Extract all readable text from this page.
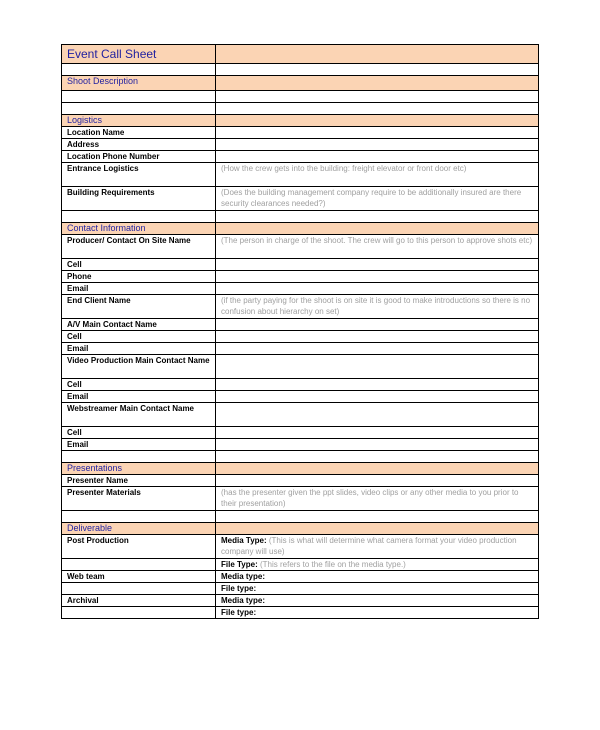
Event Call Sheet	

Shoot Description	

Logistics	
Location Name	
Address	
Location Phone Number	
Entrance Logistics	(How the crew gets into the building: freight elevator or front door etc)
Building Requirements	(Does the building management company require to be additionally insured are there security clearances needed?)

Contact Information	
Producer/ Contact On Site Name	(The person in charge of the shoot. The crew will go to this person to approve shots etc)
Cell	
Phone	
Email	
End Client Name	(if the party paying for the shoot is on site it is good to make introductions so there is no confusion about hierarchy on set)
A/V Main Contact Name	
Cell	
Email	
Video Production Main Contact Name	
Cell	
Email	
Webstreamer Main Contact Name	
Cell	
Email	

Presentations	
Presenter Name	
Presenter Materials	(has the presenter given the ppt slides, video clips or any other media to you prior to their presentation)

Deliverable	
Post Production	Media Type: (This is what will determine what camera format your video production company will use)
	File Type: (This refers to the file on the media type.)
Web team	Media type:
	File type:
Archival	Media type:
	File type:
